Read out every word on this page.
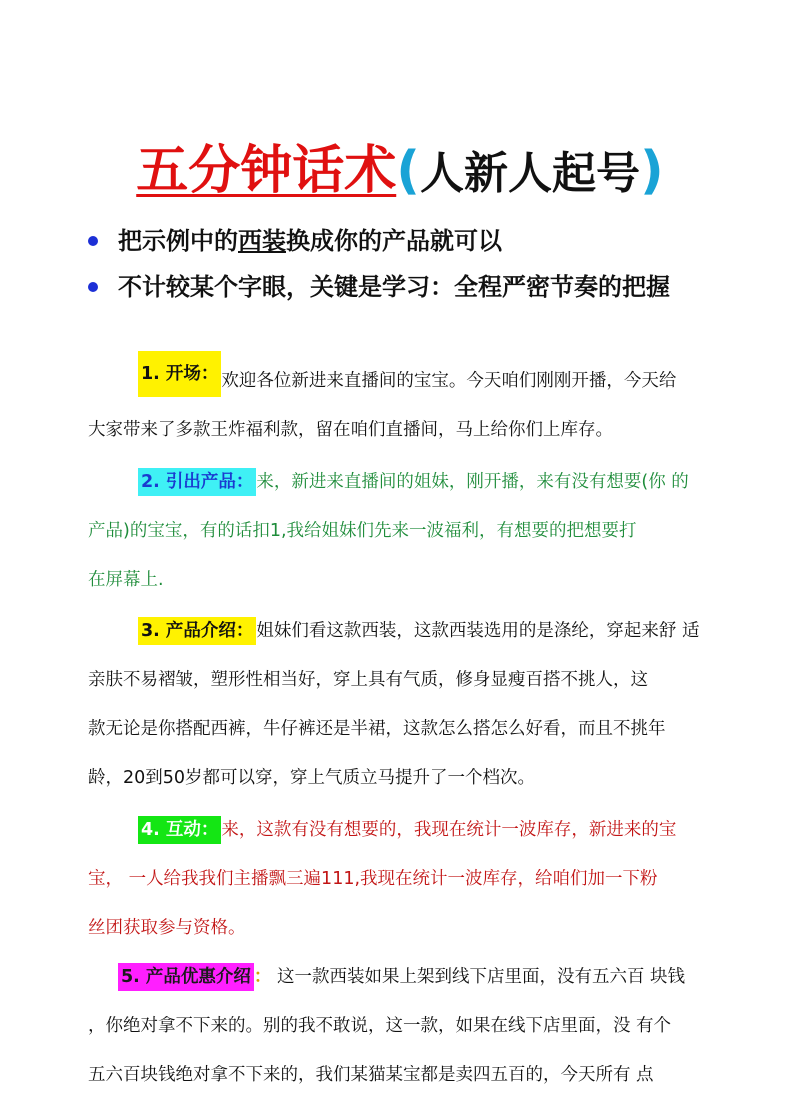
五分钟话术(人新人起号)
把示例中的 西装 换成你的产品就可以
不计较某个字眼，关键是学习：全程严密节奏的把握
1. 开场： 欢迎各位新进来直播间的宝宝。今天咱们刚刚开播，今天给
大家带来了多款王炸福利款，留在咱们直播间，马上给你们上库存。
2. 引出产品： 来，新进来直播间的姐妹，刚开播，来有没有想要(你 的
产品)的宝宝，有的话扣1,我给姐妹们先来一波福利，有想要的把想要打
在屏幕上.
3. 产品介绍： 姐妹们看这款西装，这款西装选用的是涤纶，穿起来舒 适
亲肤不易褶皱，塑形性相当好，穿上具有气质，修身显瘦百搭不挑人，这
款无论是你搭配西裤，牛仔裤还是半裙，这款怎么搭怎么好看，而且不挑年
龄，20到50岁都可以穿，穿上气质立马提升了一个档次。
4. 互动： 来，这款有没有想要的，我现在统计一波库存，新进来的宝
宝， 一人给我我们主播飘三遍111,我现在统计一波库存，给咱们加一下粉
丝团获取参与资格。
5. 产品优惠介绍 ： 这一款西装如果上架到线下店里面，没有五六百 块钱
，你绝对拿不下来的。别的我不敢说，这一款，如果在线下店里面，没 有个
五六百块钱绝对拿不下来的，我们某猫某宝都是卖四五百的，今天所有 点
